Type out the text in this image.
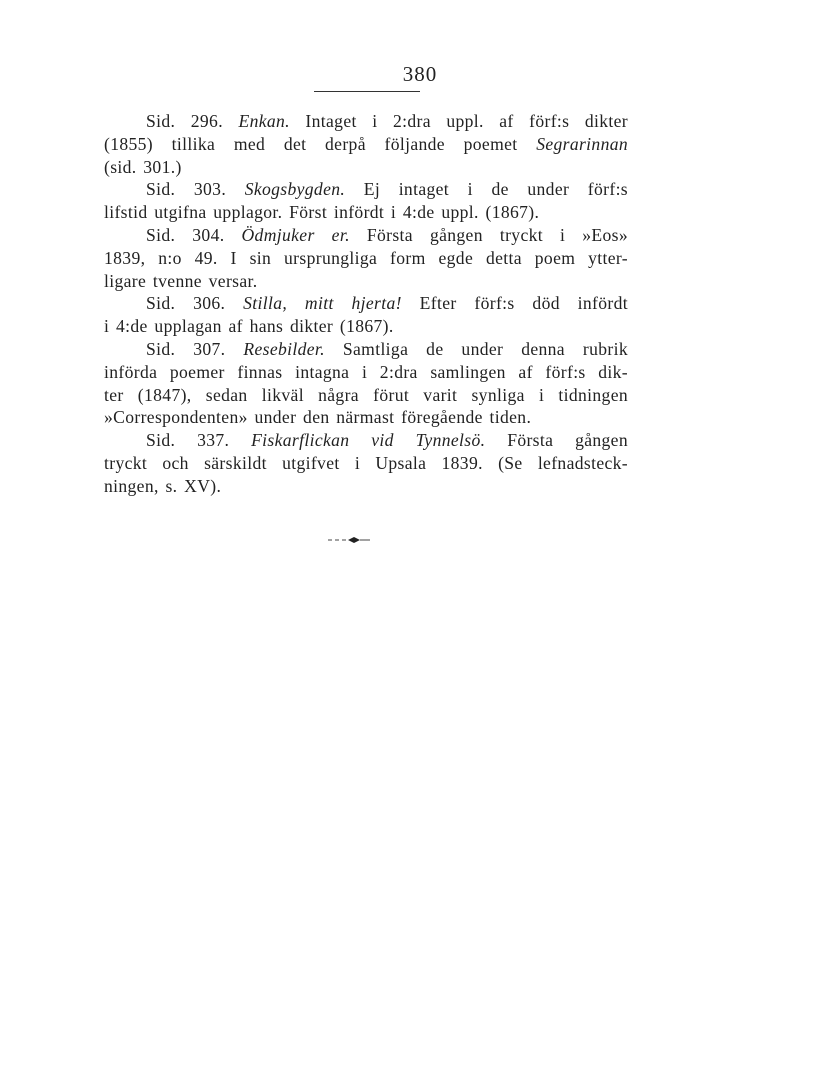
380
Sid. 296. Enkan. Intaget i 2:dra uppl. af förf:s dikter
(1855) tillika med det derpå följande poemet Segrarinnan
(sid. 301.)
Sid. 303. Skogsbygden. Ej intaget i de under förf:s
lifstid utgifna upplagor. Först infördt i 4:de uppl. (1867).
Sid. 304. Ödmjuker er. Första gången tryckt i »Eos»
1839, n:o 49. I sin ursprungliga form egde detta poem ytter-
ligare tvenne versar.
Sid. 306. Stilla, mitt hjerta! Efter förf:s död infördt
i 4:de upplagan af hans dikter (1867).
Sid. 307. Resebilder. Samtliga de under denna rubrik
införda poemer finnas intagna i 2:dra samlingen af förf:s dik-
ter (1847), sedan likväl några förut varit synliga i tidningen
»Correspondenten» under den närmast föregående tiden.
Sid. 337. Fiskarflickan vid Tynnelsö. Första gången
tryckt och särskildt utgifvet i Upsala 1839. (Se lefnadsteck-
ningen, s. XV).
